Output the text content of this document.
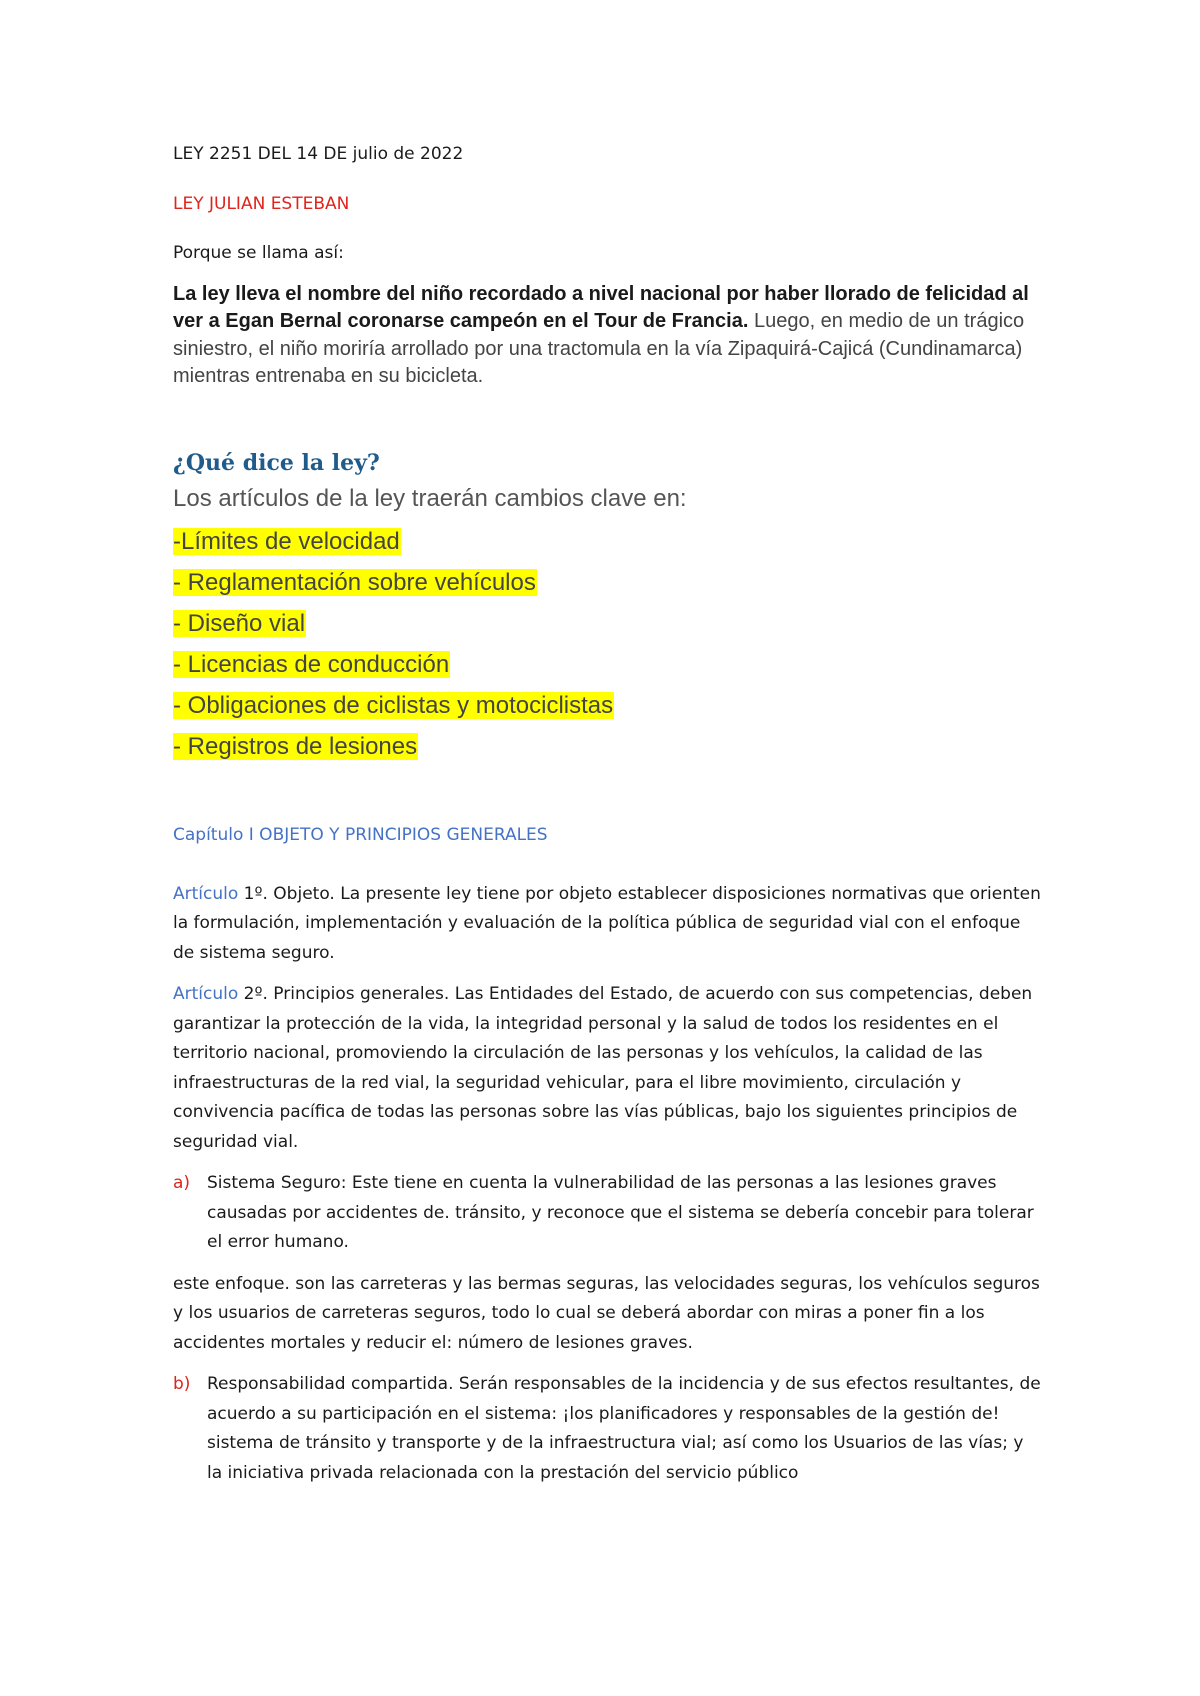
LEY 2251 DEL 14 DE julio de 2022

LEY JULIAN ESTEBAN

Porque se llama así:

La ley lleva el nombre del niño recordado a nivel nacional por haber llorado de felicidad al ver a Egan Bernal coronarse campeón en el Tour de Francia. Luego, en medio de un trágico siniestro, el niño moriría arrollado por una tractomula en la vía Zipaquirá-Cajicá (Cundinamarca) mientras entrenaba en su bicicleta.

¿Qué dice la ley?

Los artículos de la ley traerán cambios clave en:

-Límites de velocidad

- Reglamentación sobre vehículos

- Diseño vial

- Licencias de conducción

- Obligaciones de ciclistas y motociclistas

- Registros de lesiones

Capítulo I OBJETO Y PRINCIPIOS GENERALES

Artículo 1º. Objeto. La presente ley tiene por objeto establecer disposiciones normativas que orienten la formulación, implementación y evaluación de la política pública de seguridad vial con el enfoque de sistema seguro.

Artículo 2º. Principios generales. Las Entidades del Estado, de acuerdo con sus competencias, deben garantizar la protección de la vida, la integridad personal y la salud de todos los residentes en el territorio nacional, promoviendo la circulación de las personas y los vehículos, la calidad de las infraestructuras de la red vial, la seguridad vehicular, para el libre movimiento, circulación y convivencia pacífica de todas las personas sobre las vías públicas, bajo los siguientes principios de seguridad vial.

a) Sistema Seguro: Este tiene en cuenta la vulnerabilidad de las personas a las lesiones graves causadas por accidentes de. tránsito, y reconoce que el sistema se debería concebir para tolerar el error humano.

este enfoque. son las carreteras y las bermas seguras, las velocidades seguras, los vehículos seguros y los usuarios de carreteras seguros, todo lo cual se deberá abordar con miras a poner fin a los accidentes mortales y reducir el: número de lesiones graves.

b) Responsabilidad compartida. Serán responsables de la incidencia y de sus efectos resultantes, de acuerdo a su participación en el sistema: ¡los planificadores y responsables de la gestión de! sistema de tránsito y transporte y de la infraestructura vial; así como los Usuarios de las vías; y la iniciativa privada relacionada con la prestación del servicio público
